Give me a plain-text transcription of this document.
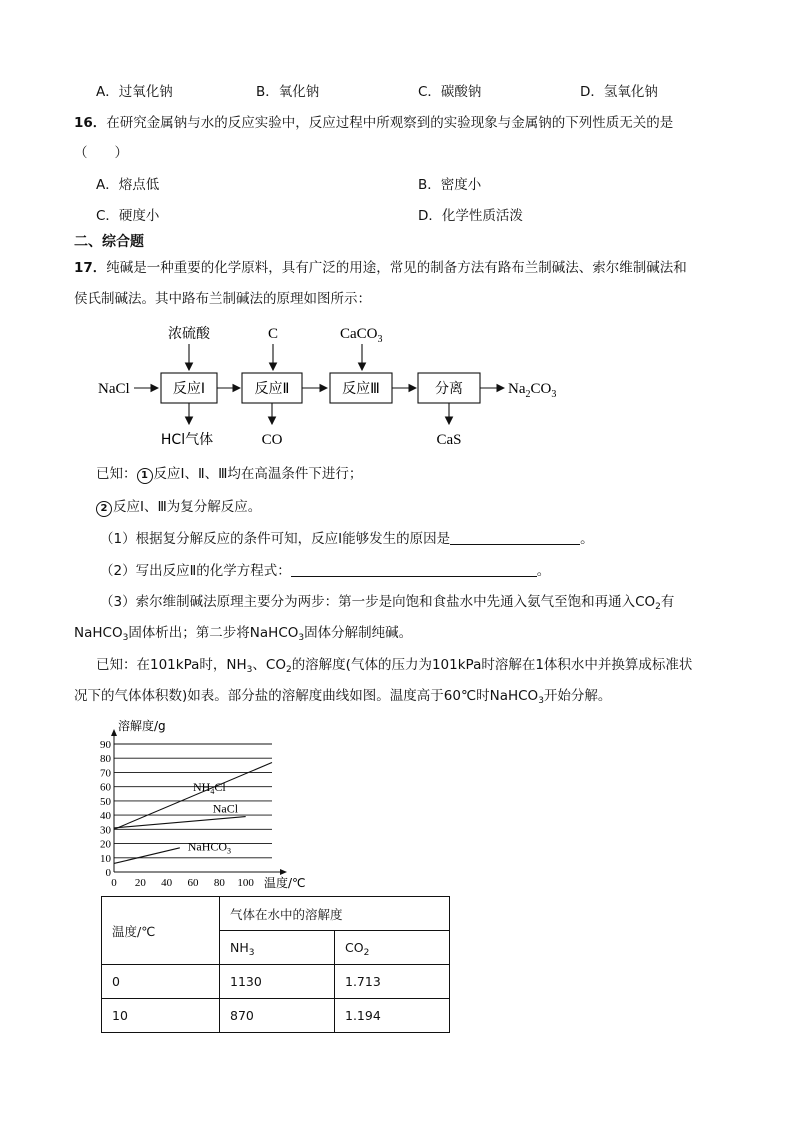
A．过氧化钠	B．氧化钠	C．碳酸钠	D．氢氧化钠
16．在研究金属钠与水的反应实验中，反应过程中所观察到的实验现象与金属钠的下列性质无关的是
（　　）
A．熔点低	B．密度小
C．硬度小	D．化学性质活泼
二、综合题
17．纯碱是一种重要的化学原料，具有广泛的用途，常见的制备方法有路布兰制碱法、索尔维制碱法和
侯氏制碱法。其中路布兰制碱法的原理如图所示：
NaCl	反应Ⅰ	反应Ⅱ	反应Ⅲ	分离	$Na_2CO_3$
浓硫酸	C	CaCO$_3$
HCl气体	CO	CaS
已知： 1 反应Ⅰ、Ⅱ、Ⅲ均在高温条件下进行；
2 反应Ⅰ、Ⅲ为复分解反应。
（1）根据复分解反应的条件可知，反应Ⅰ能够发生的原因是	。
（2）写出反应Ⅱ的化学方程式：	。
（3）索尔维制碱法原理主要分为两步：第一步是向饱和食盐水中先通入氨气至饱和再通入$CO_2$有
NaHCO$_3$固体析出；第二步将NaHCO$_3$固体分解制纯碱。
已知：在101kPa时，$NH_3$、$CO_2$的溶解度(气体的压力为101kPa时溶解在1体积水中并换算成标准状
况下的气体体积数)如表。部分盐的溶解度曲线如图。温度高于60℃时NaHCO$_3$开始分解。
0
10
20
30
40
50
60
70
80
90
0 20 40 60 80 100
溶解度/g
温度/℃
$NH_4Cl$
NaCl
NaHCO$_3$
温度/℃	气体在水中的溶解度	
	$NH_3$	$CO_2$
0	1130	1.713
10	870	1.194
